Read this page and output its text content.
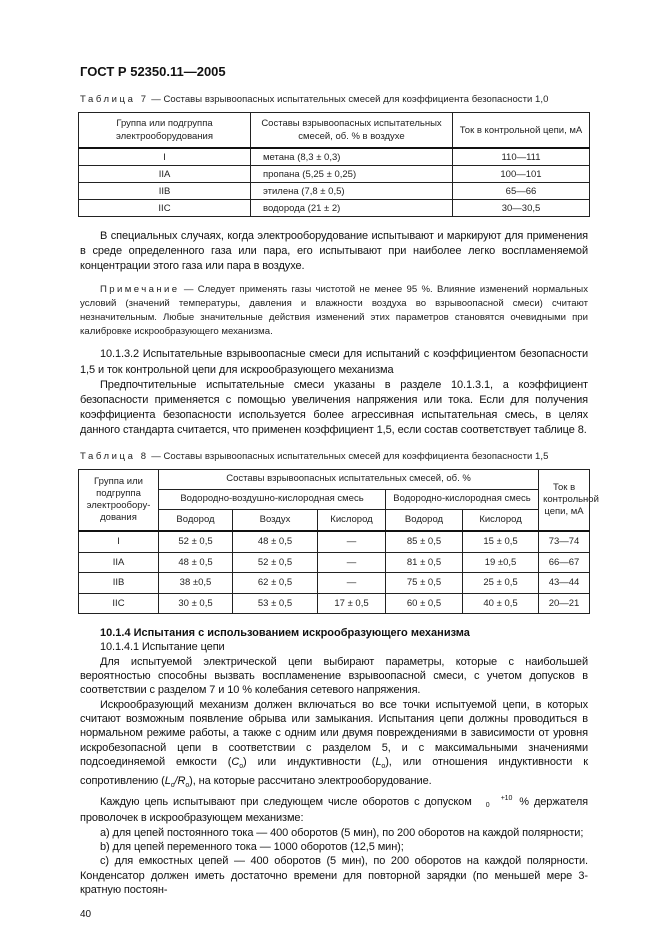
ГОСТ Р 52350.11—2005
Таблица 7 — Составы взрывоопасных испытательных смесей для коэффициента безопасности 1,0
Группа или подгруппа электрооборудования	Составы взрывоопасных испытательных смесей, об. % в воздухе	Ток в контрольной цепи, мА
I	метана (8,3 ± 0,3)	110—111
IIA	пропана (5,25 ± 0,25)	100—101
IIB	этилена (7,8 ± 0,5)	65—66
IIC	водорода (21 ± 2)	30—30,5

В специальных случаях, когда электрооборудование испытывают и маркируют для применения в среде определенного газа или пара, его испытывают при наиболее легко воспламеняемой концентрации этого газа или пара в воздухе.

Примечание — Следует применять газы чистотой не менее 95 %. Влияние изменений нормальных условий (значений температуры, давления и влажности воздуха во взрывоопасной смеси) считают незначительным. Любые значительные действия изменений этих параметров становятся очевидными при калибровке искрообразующего механизма.

10.1.3.2 Испытательные взрывоопасные смеси для испытаний с коэффициентом безопасности 1,5 и ток контрольной цепи для искрообразующего механизма

Предпочтительные испытательные смеси указаны в разделе 10.1.3.1, а коэффициент безопасности применяется с помощью увеличения напряжения или тока. Если для получения коэффициента безопасности используется более агрессивная испытательная смесь, в целях данного стандарта считается, что применен коэффициент 1,5, если состав соответствует таблице 8.

Таблица 8 — Составы взрывоопасных испытательных смесей для коэффициента безопасности 1,5
Группа или подгруппа электрообору-дования	Составы взрывоопасных испытательных смесей, об. %					Ток в контрольной цепи, мА
	Водородно-воздушно-кислородная смесь			Водородно-кислородная смесь		
	Водород	Воздух	Кислород	Водород	Кислород	
I	52 ± 0,5	48 ± 0,5	—	85 ± 0,5	15 ± 0,5	73—74
IIA	48 ± 0,5	52 ± 0,5	—	81 ± 0,5	19 ±0,5	66—67
IIB	38 ±0,5	62 ± 0,5	—	75 ± 0,5	25 ± 0,5	43—44
IIC	30 ± 0,5	53 ± 0,5	17 ± 0,5	60 ± 0,5	40 ± 0,5	20—21

10.1.4 Испытания с использованием искрообразующего механизма

10.1.4.1 Испытание цепи

Для испытуемой электрической цепи выбирают параметры, которые с наибольшей вероятностью способны вызвать воспламенение взрывоопасной смеси, с учетом допусков в соответствии с разделом 7 и 10 % колебания сетевого напряжения.

Искрообразующий механизм должен включаться во все точки испытуемой цепи, в которых считают возможным появление обрыва или замыкания. Испытания цепи должны проводиться в нормальном режиме работы, а также с одним или двумя повреждениями в зависимости от уровня искробезопасной цепи в соответствии с разделом 5, и с максимальными значениями подсоединяемой емкости $(C_o)$ или индуктивности $(L_o)$, или отношения индуктивности к сопротивлению $(L_o/R_o)$, на которые рассчитано электрооборудование.

Каждую цепь испытывают при следующем числе оборотов с допуском	+10
0 % держателя проволочек в искрообразующем механизме:

a) для цепей постоянного тока — 400 оборотов (5 мин), по 200 оборотов на каждой полярности;

b) для цепей переменного тока — 1000 оборотов (12,5 мин);

c) для емкостных цепей — 400 оборотов (5 мин), по 200 оборотов на каждой полярности. Конденсатор должен иметь достаточно времени для повторной зарядки (по меньшей мере 3-кратную постоян-

40
